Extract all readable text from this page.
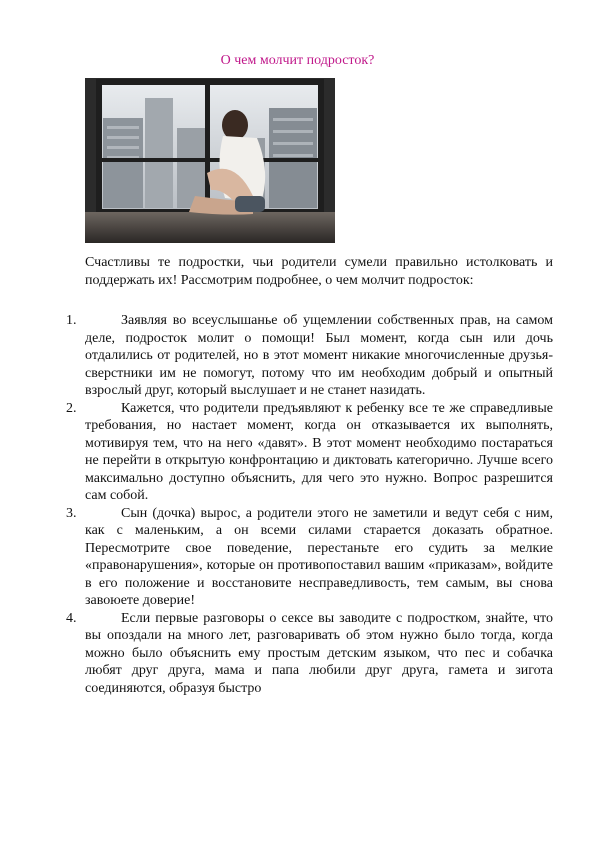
О чем молчит подросток?

Счастливы те подростки, чьи родители сумели правильно истолковать и поддержать их! Рассмотрим подробнее, о чем молчит подросток:

1.	Заявляя во всеуслышанье об ущемлении собственных прав, на самом деле, подросток молит о помощи! Был момент, когда сын или дочь отдалились от родителей, но в этот момент никакие многочисленные друзья-сверстники им не помогут, потому что им необходим добрый и опытный взрослый друг, который выслушает и не станет назидать.

2.	Кажется, что родители предъявляют к ребенку все те же справедливые требования, но настает момент, когда он отказывается их выполнять, мотивируя тем, что на него «давят». В этот момент необходимо постараться не перейти в открытую конфронтацию и диктовать категорично. Лучше всего максимально доступно объяснить, для чего это нужно. Вопрос разрешится сам собой.

3.	Сын (дочка) вырос, а родители этого не заметили и ведут себя с ним, как с маленьким, а он всеми силами старается доказать обратное. Пересмотрите свое поведение, перестаньте его судить за мелкие «правонарушения», которые он противопоставил вашим «приказам», войдите в его положение и восстановите несправедливость, тем самым, вы снова завоюете доверие!

4.	Если первые разговоры о сексе вы заводите с подростком, знайте, что вы опоздали на много лет, разговаривать об этом нужно было тогда, когда можно было объяснить ему простым детским языком, что пес и собачка любят друг друга, мама и папа любили друг друга, гамета и зигота соединяются, образуя быстро
